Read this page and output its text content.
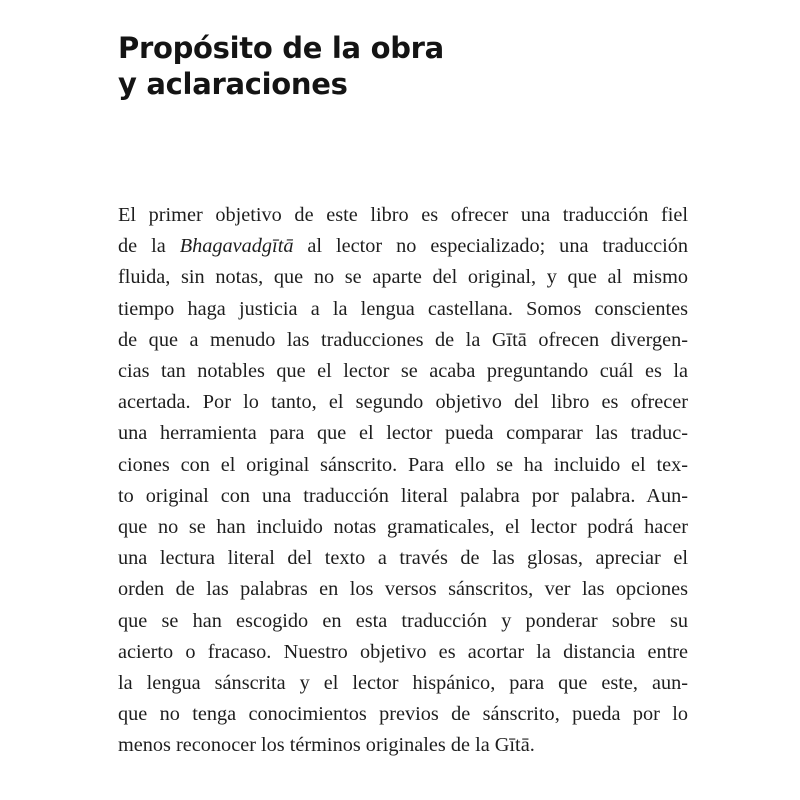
Propósito de la obra
y aclaraciones

El primer objetivo de este libro es ofrecer una traducción fiel
de la Bhagavadgītā al lector no especializado; una traducción
fluida, sin notas, que no se aparte del original, y que al mismo
tiempo haga justicia a la lengua castellana. Somos conscientes
de que a menudo las traducciones de la Gītā ofrecen divergen-
cias tan notables que el lector se acaba preguntando cuál es la
acertada. Por lo tanto, el segundo objetivo del libro es ofrecer
una herramienta para que el lector pueda comparar las traduc-
ciones con el original sánscrito. Para ello se ha incluido el tex-
to original con una traducción literal palabra por palabra. Aun-
que no se han incluido notas gramaticales, el lector podrá hacer
una lectura literal del texto a través de las glosas, apreciar el
orden de las palabras en los versos sánscritos, ver las opciones
que se han escogido en esta traducción y ponderar sobre su
acierto o fracaso. Nuestro objetivo es acortar la distancia entre
la lengua sánscrita y el lector hispánico, para que este, aun-
que no tenga conocimientos previos de sánscrito, pueda por lo
menos reconocer los términos originales de la Gītā.
